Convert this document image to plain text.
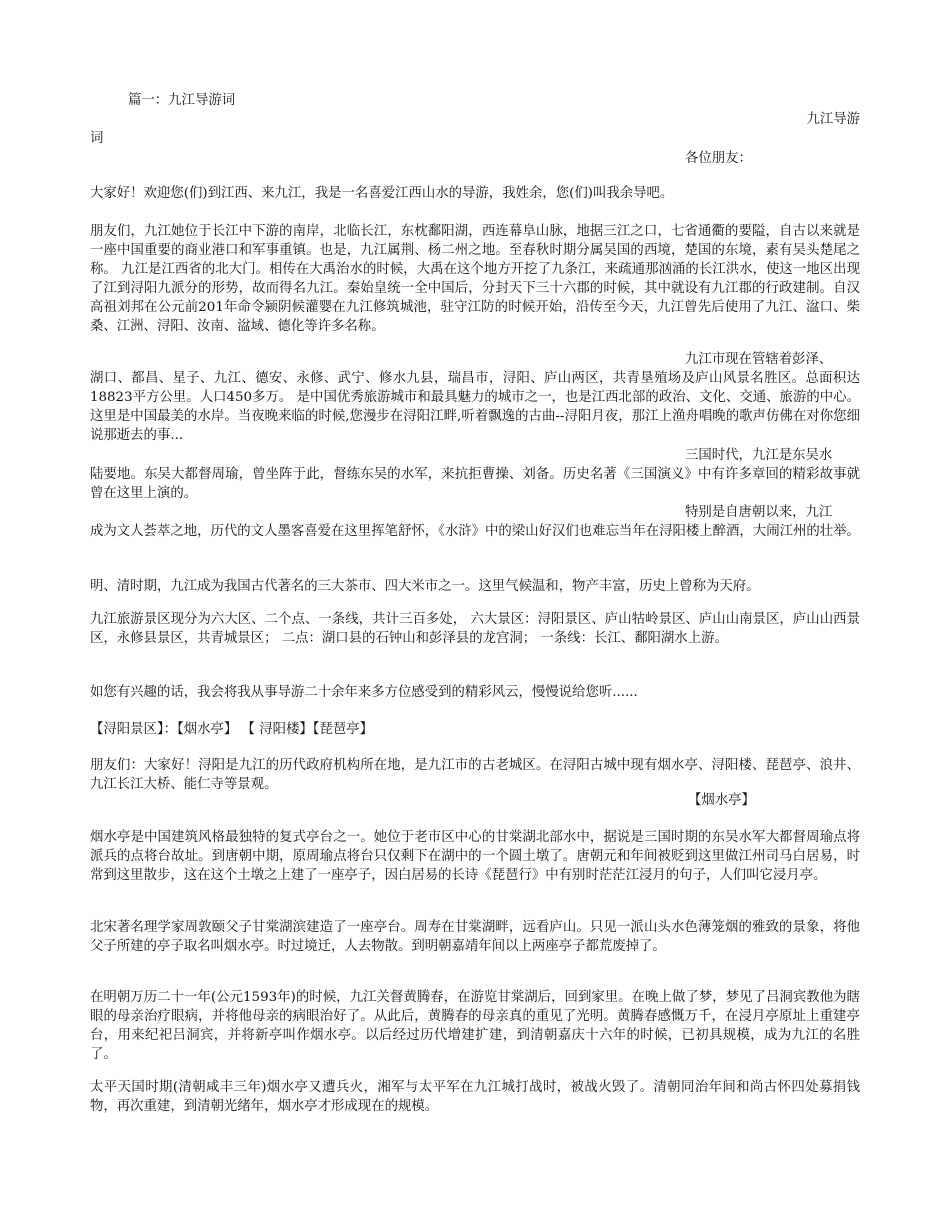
篇一：九江导游词
九江导游
词
各位朋友：
大家好！欢迎您(们)到江西、来九江，我是一名喜爱江西山水的导游，我姓余，您(们)叫我余导吧。
朋友们，九江她位于长江中下游的南岸，北临长江，东枕鄱阳湖，西连幕阜山脉，地据三江之口，七省通衢的要隘，自古以来就是一座中国重要的商业港口和军事重镇。也是，九江属荆、杨二州之地。至春秋时期分属吴国的西境，楚国的东境，素有吴头楚尾之称。 九江是江西省的北大门。相传在大禹治水的时候，大禹在这个地方开挖了九条江，来疏通那汹涌的长江洪水，使这一地区出现了江到浔阳九派分的形势，故而得名九江。秦始皇统一全中国后，分封天下三十六郡的时候，其中就设有九江郡的行政建制。自汉高祖刘邦在公元前201年命令颍阴候灌婴在九江修筑城池，驻守江防的时候开始，沿传至今天，九江曾先后使用了九江、湓口、柴桑、江洲、浔阳、汝南、湓域、德化等许多名称。
九江市现在管辖着彭泽、
湖口、都昌、星子、九江、德安、永修、武宁、修水九县，瑞昌市，浔阳、庐山两区，共青垦殖场及庐山风景名胜区。总面积达18823平方公里。人口450多万。 是中国优秀旅游城市和最具魅力的城市之一，也是江西北部的政治、文化、交通、旅游的中心。这里是中国最美的水岸。当夜晚来临的时候,您漫步在浔阳江畔,听着飘逸的古曲--浔阳月夜，那江上渔舟唱晚的歌声仿佛在对你您细说那逝去的事...
三国时代，九江是东吴水
陆要地。东吴大都督周瑜，曾坐阵于此，督练东吴的水军，来抗拒曹操、刘备。历史名著《三国演义》中有许多章回的精彩故事就曾在这里上演的。
特别是自唐朝以来，九江
成为文人荟萃之地，历代的文人墨客喜爱在这里挥笔舒怀，《水浒》中的梁山好汉们也难忘当年在浔阳楼上醉酒，大闹江州的壮举。
明、清时期，九江成为我国古代著名的三大茶市、四大米市之一。这里气候温和，物产丰富，历史上曾称为天府。
九江旅游景区现分为六大区、二个点、一条线，共计三百多处， 六大景区：浔阳景区、庐山牯岭景区、庐山山南景区，庐山山西景区，永修县景区，共青城景区； 二点：湖口县的石钟山和彭泽县的龙宫洞； 一条线：长江、鄱阳湖水上游。
如您有兴趣的话，我会将我从事导游二十余年来多方位感受到的精彩风云，慢慢说给您听......
【浔阳景区】：【烟水亭】 【 浔阳楼】【琵琶亭】
朋友们：大家好！浔阳是九江的历代政府机构所在地，是九江市的古老城区。在浔阳古城中现有烟水亭、浔阳楼、琵琶亭、浪井、九江长江大桥、能仁寺等景观。
【烟水亭】
烟水亭是中国建筑风格最独特的复式亭台之一。她位于老市区中心的甘棠湖北部水中，据说是三国时期的东吴水军大都督周瑜点将派兵的点将台故址。到唐朝中期，原周瑜点将台只仅剩下在湖中的一个圆土墩了。唐朝元和年间被贬到这里做江州司马白居易，时常到这里散步，这在这个土墩之上建了一座亭子，因白居易的长诗《琵琶行》中有别时茫茫江浸月的句子，人们叫它浸月亭。
北宋著名理学家周敦颐父子甘棠湖滨建造了一座亭台。周寿在甘棠湖畔，远看庐山。只见一派山头水色薄笼烟的雅致的景象，将他父子所建的亭子取名叫烟水亭。时过境迁，人去物散。到明朝嘉靖年间以上两座亭子都荒废掉了。
在明朝万历二十一年(公元1593年)的时候，九江关督黄腾春，在游览甘棠湖后，回到家里。在晚上做了梦，梦见了吕洞宾教他为瞎眼的母亲治疗眼病，并将他母亲的病眼治好了。从此后，黄腾春的母亲真的重见了光明。黄腾春感慨万千，在浸月亭原址上重建亭台，用来纪祀吕洞宾，并将新亭叫作烟水亭。以后经过历代增建扩建，到清朝嘉庆十六年的时候，已初具规模，成为九江的名胜了。
太平天国时期(清朝咸丰三年)烟水亭又遭兵火，湘军与太平军在九江城打战时，被战火毁了。清朝同治年间和尚古怀四处募捐钱物，再次重建，到清朝光绪年，烟水亭才形成现在的规模。
